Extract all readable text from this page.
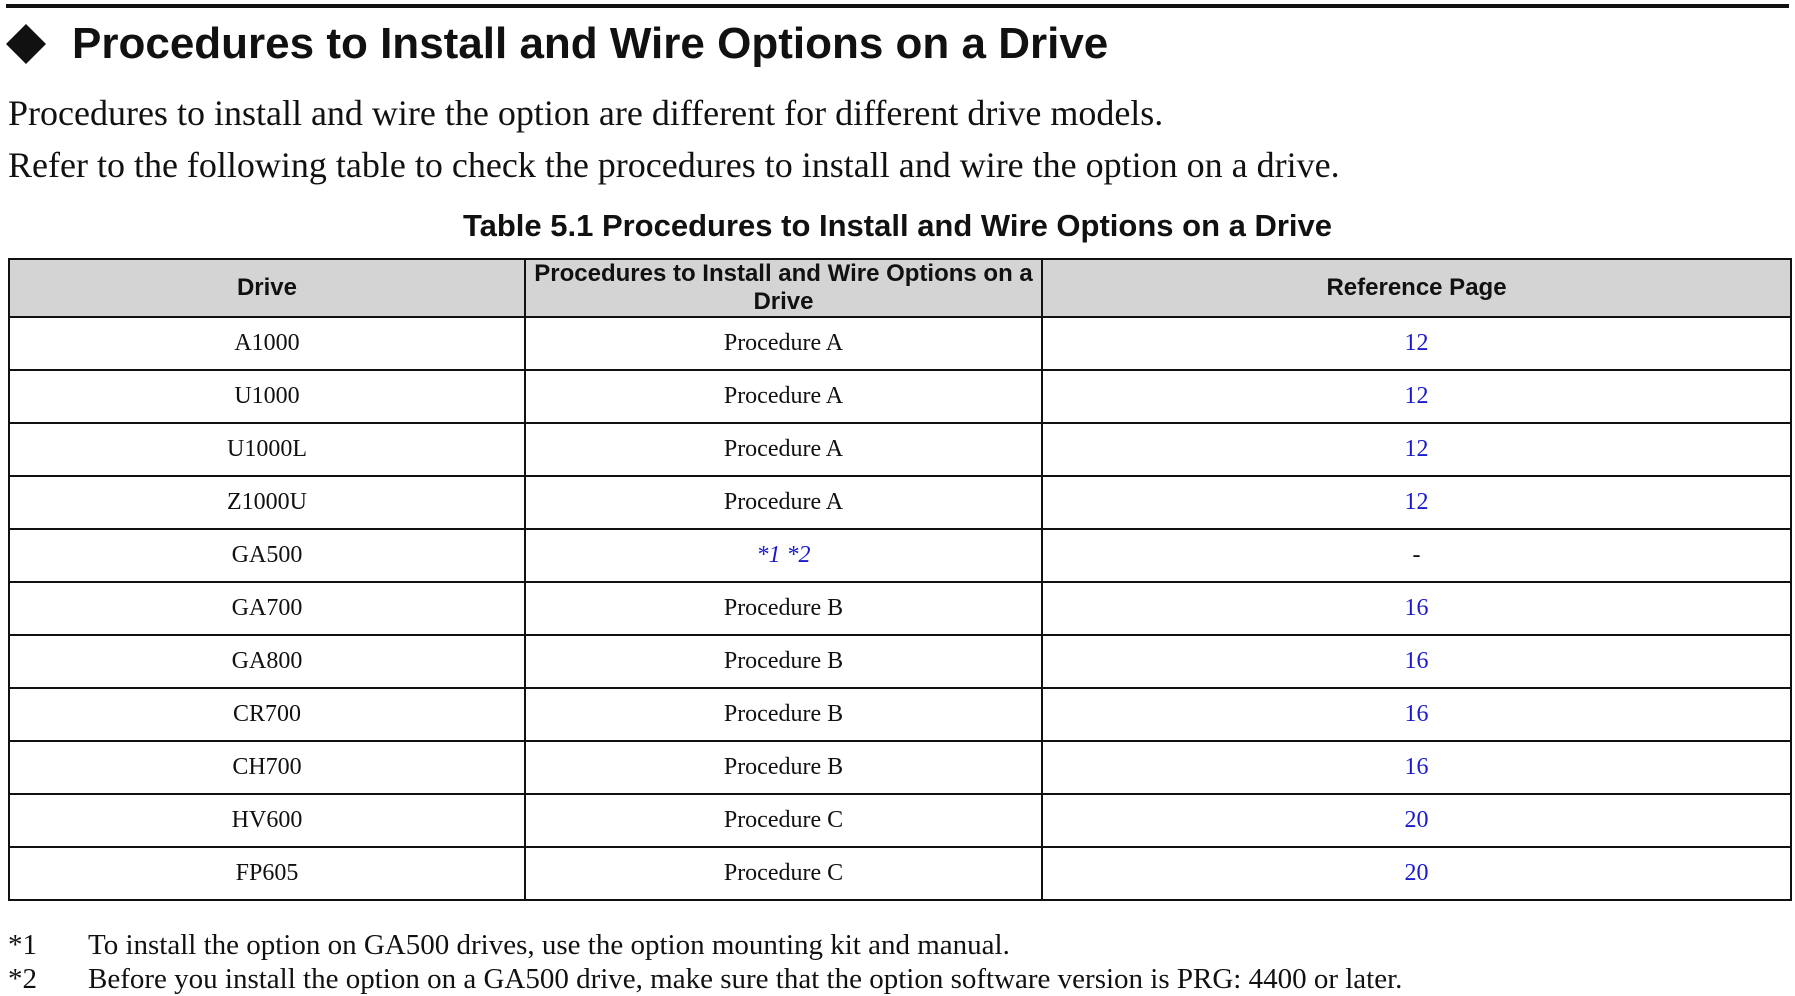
Procedures to Install and Wire Options on a Drive
Procedures to install and wire the option are different for different drive models.
Refer to the following table to check the procedures to install and wire the option on a drive.
Table 5.1 Procedures to Install and Wire Options on a Drive
Drive	Procedures to Install and Wire Options on a Drive	Reference Page
A1000	Procedure A	12
U1000	Procedure A	12
U1000L	Procedure A	12
Z1000U	Procedure A	12
GA500	*1 *2	-
GA700	Procedure B	16
GA800	Procedure B	16
CR700	Procedure B	16
CH700	Procedure B	16
HV600	Procedure C	20
FP605	Procedure C	20
*1 To install the option on GA500 drives, use the option mounting kit and manual.
*2 Before you install the option on a GA500 drive, make sure that the option software version is PRG: 4400 or later.
